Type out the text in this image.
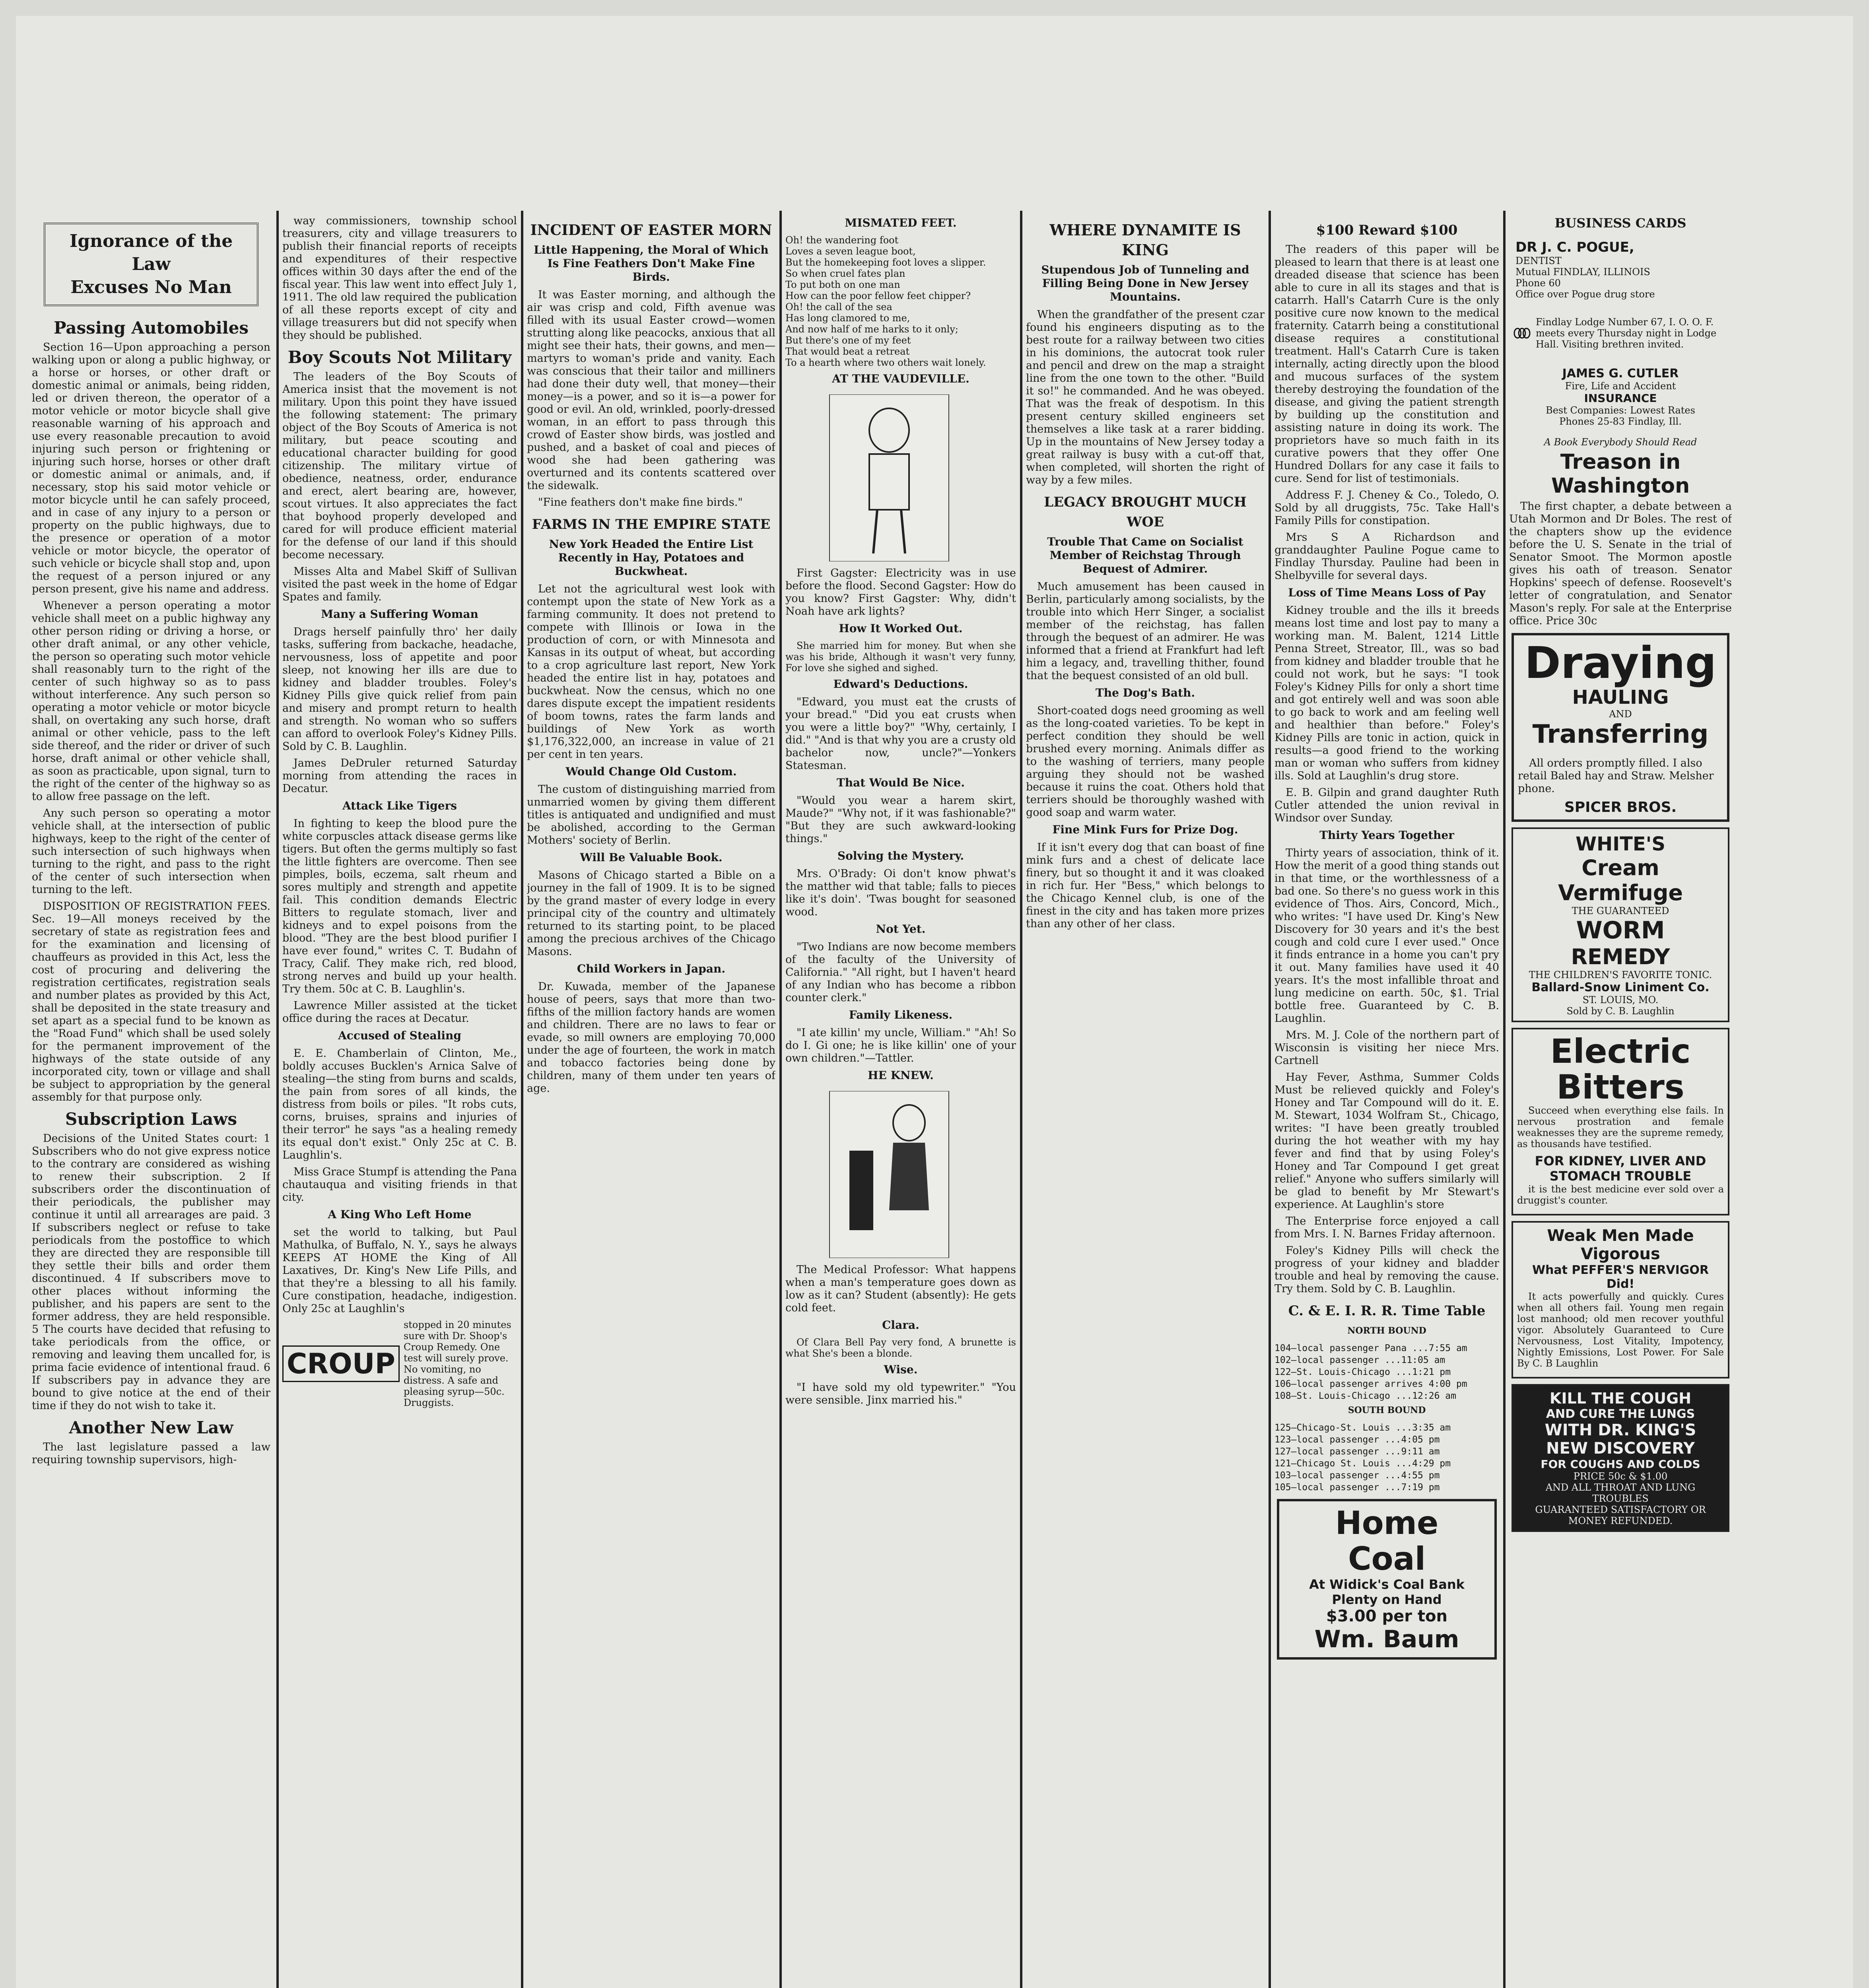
Ignorance of the Law
Excuses No Man
Passing Automobiles

Section 16—Upon approaching a person walking upon or along a public highway, or a horse or horses, or other draft or domestic animal or animals, being ridden, led or driven thereon, the operator of a motor vehicle or motor bicycle shall give reasonable warning of his approach and use every reasonable precaution to avoid injuring such person or frightening or injuring such horse, horses or other draft or domestic animal or animals, and, if necessary, stop his said motor vehicle or motor bicycle until he can safely proceed, and in case of any injury to a person or property on the public highways, due to the presence or operation of a motor vehicle or motor bicycle, the operator of such vehicle or bicycle shall stop and, upon the request of a person injured or any person present, give his name and address.

Whenever a person operating a motor vehicle shall meet on a public highway any other person riding or driving a horse, or other draft animal, or any other vehicle, the person so operating such motor vehicle shall reasonably turn to the right of the center of such highway so as to pass without interference. Any such person so operating a motor vehicle or motor bicycle shall, on overtaking any such horse, draft animal or other vehicle, pass to the left side thereof, and the rider or driver of such horse, draft animal or other vehicle shall, as soon as practicable, upon signal, turn to the right of the center of the highway so as to allow free passage on the left.

Any such person so operating a motor vehicle shall, at the intersection of public highways, keep to the right of the center of such intersection of such highways when turning to the right, and pass to the right of the center of such intersection when turning to the left.

DISPOSITION OF REGISTRATION FEES. Sec. 19—All moneys received by the secretary of state as registration fees and for the examination and licensing of chauffeurs as provided in this Act, less the cost of procuring and delivering the registration certificates, registration seals and number plates as provided by this Act, shall be deposited in the state treasury and set apart as a special fund to be known as the "Road Fund" which shall be used solely for the permanent improvement of the highways of the state outside of any incorporated city, town or village and shall be subject to appropriation by the general assembly for that purpose only.

Subscription Laws

Decisions of the United States court: 1 Subscribers who do not give express notice to the contrary are considered as wishing to renew their subscription. 2 If subscribers order the discontinuation of their periodicals, the publisher may continue it until all arrearages are paid. 3 If subscribers neglect or refuse to take periodicals from the postoffice to which they are directed they are responsible till they settle their bills and order them discontinued. 4 If subscribers move to other places without informing the publisher, and his papers are sent to the former address, they are held responsible. 5 The courts have decided that refusing to take periodicals from the office, or removing and leaving them uncalled for, is prima facie evidence of intentional fraud. 6 If subscribers pay in advance they are bound to give notice at the end of their time if they do not wish to take it.

Another New Law

The last legislature passed a law requiring township supervisors, high-

way commissioners, township school treasurers, city and village treasurers to publish their financial reports of receipts and expenditures of their respective offices within 30 days after the end of the fiscal year. This law went into effect July 1, 1911. The old law required the publication of all these reports except of city and village treasurers but did not specify when they should be published.

Boy Scouts Not Military

The leaders of the Boy Scouts of America insist that the movement is not military. Upon this point they have issued the following statement: The primary object of the Boy Scouts of America is not military, but peace scouting and educational character building for good citizenship. The military virtue of obedience, neatness, order, endurance and erect, alert bearing are, however, scout virtues. It also appreciates the fact that boyhood properly developed and cared for will produce efficient material for the defense of our land if this should become necessary.

Misses Alta and Mabel Skiff of Sullivan visited the past week in the home of Edgar Spates and family.

Many a Suffering Woman

Drags herself painfully thro' her daily tasks, suffering from backache, headache, nervousness, loss of appetite and poor sleep, not knowing her ills are due to kidney and bladder troubles. Foley's Kidney Pills give quick relief from pain and misery and prompt return to health and strength. No woman who so suffers can afford to overlook Foley's Kidney Pills. Sold by C. B. Laughlin.

James DeDruler returned Saturday morning from attending the races in Decatur.

Attack Like Tigers

In fighting to keep the blood pure the white corpuscles attack disease germs like tigers. But often the germs multiply so fast the little fighters are overcome. Then see pimples, boils, eczema, salt rheum and sores multiply and strength and appetite fail. This condition demands Electric Bitters to regulate stomach, liver and kidneys and to expel poisons from the blood. "They are the best blood purifier I have ever found," writes C. T. Budahn of Tracy, Calif. They make rich, red blood, strong nerves and build up your health. Try them. 50c at C. B. Laughlin's.

Lawrence Miller assisted at the ticket office during the races at Decatur.

Accused of Stealing

E. E. Chamberlain of Clinton, Me., boldly accuses Bucklen's Arnica Salve of stealing—the sting from burns and scalds, the pain from sores of all kinds, the distress from boils or piles. "It robs cuts, corns, bruises, sprains and injuries of their terror" he says "as a healing remedy its equal don't exist." Only 25c at C. B. Laughlin's.

Miss Grace Stumpf is attending the Pana chautauqua and visiting friends in that city.

A King Who Left Home

set the world to talking, but Paul Mathulka, of Buffalo, N. Y., says he always KEEPS AT HOME the King of All Laxatives, Dr. King's New Life Pills, and that they're a blessing to all his family. Cure constipation, headache, indigestion. Only 25c at Laughlin's

CROUP
stopped in 20 minutes sure with Dr. Shoop's Croup Remedy. One test will surely prove. No vomiting, no distress. A safe and pleasing syrup—50c. Druggists.
INCIDENT OF EASTER MORN
Little Happening, the Moral of Which Is Fine Feathers Don't Make Fine Birds.

It was Easter morning, and although the air was crisp and cold, Fifth avenue was filled with its usual Easter crowd—women strutting along like peacocks, anxious that all might see their hats, their gowns, and men—martyrs to woman's pride and vanity. Each was conscious that their tailor and milliners had done their duty well, that money—their money—is a power, and so it is—a power for good or evil. An old, wrinkled, poorly-dressed woman, in an effort to pass through this crowd of Easter show birds, was jostled and pushed, and a basket of coal and pieces of wood she had been gathering was overturned and its contents scattered over the sidewalk.

"Fine feathers don't make fine birds."

FARMS IN THE EMPIRE STATE
New York Headed the Entire List Recently in Hay, Potatoes and Buckwheat.

Let not the agricultural west look with contempt upon the state of New York as a farming community. It does not pretend to compete with Illinois or Iowa in the production of corn, or with Minnesota and Kansas in its output of wheat, but according to a crop agriculture last report, New York headed the entire list in hay, potatoes and buckwheat. Now the census, which no one dares dispute except the impatient residents of boom towns, rates the farm lands and buildings of New York as worth $1,176,322,000, an increase in value of 21 per cent in ten years.

Would Change Old Custom.

The custom of distinguishing married from unmarried women by giving them different titles is antiquated and undignified and must be abolished, according to the German Mothers' society of Berlin.

Will Be Valuable Book.

Masons of Chicago started a Bible on a journey in the fall of 1909. It is to be signed by the grand master of every lodge in every principal city of the country and ultimately returned to its starting point, to be placed among the precious archives of the Chicago Masons.

Child Workers in Japan.

Dr. Kuwada, member of the Japanese house of peers, says that more than two-fifths of the million factory hands are women and children. There are no laws to fear or evade, so mill owners are employing 70,000 under the age of fourteen, the work in match and tobacco factories being done by children, many of them under ten years of age.

MISMATED FEET.

Oh! the wandering foot
Loves a seven league boot,
But the homekeeping foot loves a slipper.
So when cruel fates plan
To put both on one man
How can the poor fellow feet chipper?
Oh! the call of the sea
Has long clamored to me,
And now half of me harks to it only;
But there's one of my feet
That would beat a retreat
To a hearth where two others wait lonely.

AT THE VAUDEVILLE.

First Gagster: Electricity was in use before the flood. Second Gagster: How do you know? First Gagster: Why, didn't Noah have ark lights?

How It Worked Out.

She married him for money. But when she was his bride, Although it wasn't very funny, For love she sighed and sighed.

Edward's Deductions.

"Edward, you must eat the crusts of your bread." "Did you eat crusts when you were a little boy?" "Why, certainly, I did." "And is that why you are a crusty old bachelor now, uncle?"—Yonkers Statesman.

That Would Be Nice.

"Would you wear a harem skirt, Maude?" "Why not, if it was fashionable?" "But they are such awkward-looking things."

Solving the Mystery.

Mrs. O'Brady: Oi don't know phwat's the matther wid that table; falls to pieces like it's doin'. 'Twas bought for seasoned wood.

Not Yet.

"Two Indians are now become members of the faculty of the University of California." "All right, but I haven't heard of any Indian who has become a ribbon counter clerk."

Family Likeness.

"I ate killin' my uncle, William." "Ah! So do I. Gi one; he is like killin' one of your own children."—Tattler.

HE KNEW.

The Medical Professor: What happens when a man's temperature goes down as low as it can? Student (absently): He gets cold feet.

Clara.

Of Clara Bell Pay very fond, A brunette is what She's been a blonde.

Wise.

"I have sold my old typewriter." "You were sensible. Jinx married his."

WHERE DYNAMITE IS KING
Stupendous Job of Tunneling and Filling Being Done in New Jersey Mountains.

When the grandfather of the present czar found his engineers disputing as to the best route for a railway between two cities in his dominions, the autocrat took ruler and pencil and drew on the map a straight line from the one town to the other. "Build it so!" he commanded. And he was obeyed. That was the freak of despotism. In this present century skilled engineers set themselves a like task at a rarer bidding. Up in the mountains of New Jersey today a great railway is busy with a cut-off that, when completed, will shorten the right of way by a few miles.

LEGACY BROUGHT MUCH WOE
Trouble That Came on Socialist Member of Reichstag Through Bequest of Admirer.

Much amusement has been caused in Berlin, particularly among socialists, by the trouble into which Herr Singer, a socialist member of the reichstag, has fallen through the bequest of an admirer. He was informed that a friend at Frankfurt had left him a legacy, and, travelling thither, found that the bequest consisted of an old bull.

The Dog's Bath.

Short-coated dogs need grooming as well as the long-coated varieties. To be kept in perfect condition they should be well brushed every morning. Animals differ as to the washing of terriers, many people arguing they should not be washed because it ruins the coat. Others hold that terriers should be thoroughly washed with good soap and warm water.

Fine Mink Furs for Prize Dog.

If it isn't every dog that can boast of fine mink furs and a chest of delicate lace finery, but so thought it and it was cloaked in rich fur. Her "Bess," which belongs to the Chicago Kennel club, is one of the finest in the city and has taken more prizes than any other of her class.

$100 Reward $100

The readers of this paper will be pleased to learn that there is at least one dreaded disease that science has been able to cure in all its stages and that is catarrh. Hall's Catarrh Cure is the only positive cure now known to the medical fraternity. Catarrh being a constitutional disease requires a constitutional treatment. Hall's Catarrh Cure is taken internally, acting directly upon the blood and mucous surfaces of the system thereby destroying the foundation of the disease, and giving the patient strength by building up the constitution and assisting nature in doing its work. The proprietors have so much faith in its curative powers that they offer One Hundred Dollars for any case it fails to cure. Send for list of testimonials.

Address F. J. Cheney & Co., Toledo, O. Sold by all druggists, 75c. Take Hall's Family Pills for constipation.

Mrs S A Richardson and granddaughter Pauline Pogue came to Findlay Thursday. Pauline had been in Shelbyville for several days.

Loss of Time Means Loss of Pay

Kidney trouble and the ills it breeds means lost time and lost pay to many a working man. M. Balent, 1214 Little Penna Street, Streator, Ill., was so bad from kidney and bladder trouble that he could not work, but he says: "I took Foley's Kidney Pills for only a short time and got entirely well and was soon able to go back to work and am feeling well and healthier than before." Foley's Kidney Pills are tonic in action, quick in results—a good friend to the working man or woman who suffers from kidney ills. Sold at Laughlin's drug store.

E. B. Gilpin and grand daughter Ruth Cutler attended the union revival in Windsor over Sunday.

Thirty Years Together

Thirty years of association, think of it. How the merit of a good thing stands out in that time, or the worthlessness of a bad one. So there's no guess work in this evidence of Thos. Airs, Concord, Mich., who writes: "I have used Dr. King's New Discovery for 30 years and it's the best cough and cold cure I ever used." Once it finds entrance in a home you can't pry it out. Many families have used it 40 years. It's the most infallible throat and lung medicine on earth. 50c, $1. Trial bottle free. Guaranteed by C. B. Laughlin.

Mrs. M. J. Cole of the northern part of Wisconsin is visiting her niece Mrs. Cartnell

Hay Fever, Asthma, Summer Colds Must be relieved quickly and Foley's Honey and Tar Compound will do it. E. M. Stewart, 1034 Wolfram St., Chicago, writes: "I have been greatly troubled during the hot weather with my hay fever and find that by using Foley's Honey and Tar Compound I get great relief." Anyone who suffers similarly will be glad to benefit by Mr Stewart's experience. At Laughlin's store

The Enterprise force enjoyed a call from Mrs. I. N. Barnes Friday afternoon.

Foley's Kidney Pills will check the progress of your kidney and bladder trouble and heal by removing the cause. Try them. Sold by C. B. Laughlin.

C. & E. I. R. R. Time Table
NORTH BOUND
104—local passenger Pana ...7:55 am
102—local passenger ...11:05 am
122—St. Louis-Chicago ...1:21 pm
106—local passenger arrives 4:00 pm
108—St. Louis-Chicago ...12:26 am
SOUTH BOUND
125—Chicago-St. Louis ...3:35 am
123—local passenger ...4:05 pm
127—local passenger ...9:11 am
121—Chicago St. Louis ...4:29 pm
103—local passenger ...4:55 pm
105—local passenger ...7:19 pm
Home
Coal
At Widick's Coal Bank
Plenty on Hand
$3.00 per ton
Wm. Baum
BUSINESS CARDS
DR J. C. POGUE,
DENTIST
Mutual FINDLAY, ILLINOIS
Phone 60
Office over Pogue drug store
Findlay Lodge Number 67, I. O. O. F. meets every Thursday night in Lodge Hall. Visiting brethren invited.
JAMES G. CUTLER
Fire, Life and Accident
INSURANCE
Best Companies: Lowest Rates
Phones 25-83 Findlay, Ill.
A Book Everybody Should Read
Treason in Washington

The first chapter, a debate between a Utah Mormon and Dr Boles. The rest of the chapters show up the evidence before the U. S. Senate in the trial of Senator Smoot. The Mormon apostle gives his oath of treason. Senator Hopkins' speech of defense. Roosevelt's letter of congratulation, and Senator Mason's reply. For sale at the Enterprise office. Price 30c

Draying
HAULING
AND
Transferring

All orders promptly filled. I also retail Baled hay and Straw. Melsher phone.

SPICER BROS.
WHITE'S
Cream Vermifuge
THE GUARANTEED
WORM
REMEDY
THE CHILDREN'S FAVORITE TONIC.
Ballard-Snow Liniment Co.
ST. LOUIS, MO.
Sold by C. B. Laughlin
Electric
Bitters

Succeed when everything else fails. In nervous prostration and female weaknesses they are the supreme remedy, as thousands have testified.

FOR KIDNEY, LIVER AND STOMACH TROUBLE

it is the best medicine ever sold over a druggist's counter.

Weak Men Made Vigorous
What PEFFER'S NERVIGOR Did!

It acts powerfully and quickly. Cures when all others fail. Young men regain lost manhood; old men recover youthful vigor. Absolutely Guaranteed to Cure Nervousness, Lost Vitality, Impotency, Nightly Emissions, Lost Power. For Sale By C. B Laughlin

KILL THE COUGH
AND CURE THE LUNGS
WITH DR. KING'S
NEW DISCOVERY
FOR COUGHS AND COLDS
PRICE 50c & $1.00
AND ALL THROAT AND LUNG TROUBLES
GUARANTEED SATISFACTORY OR MONEY REFUNDED.
